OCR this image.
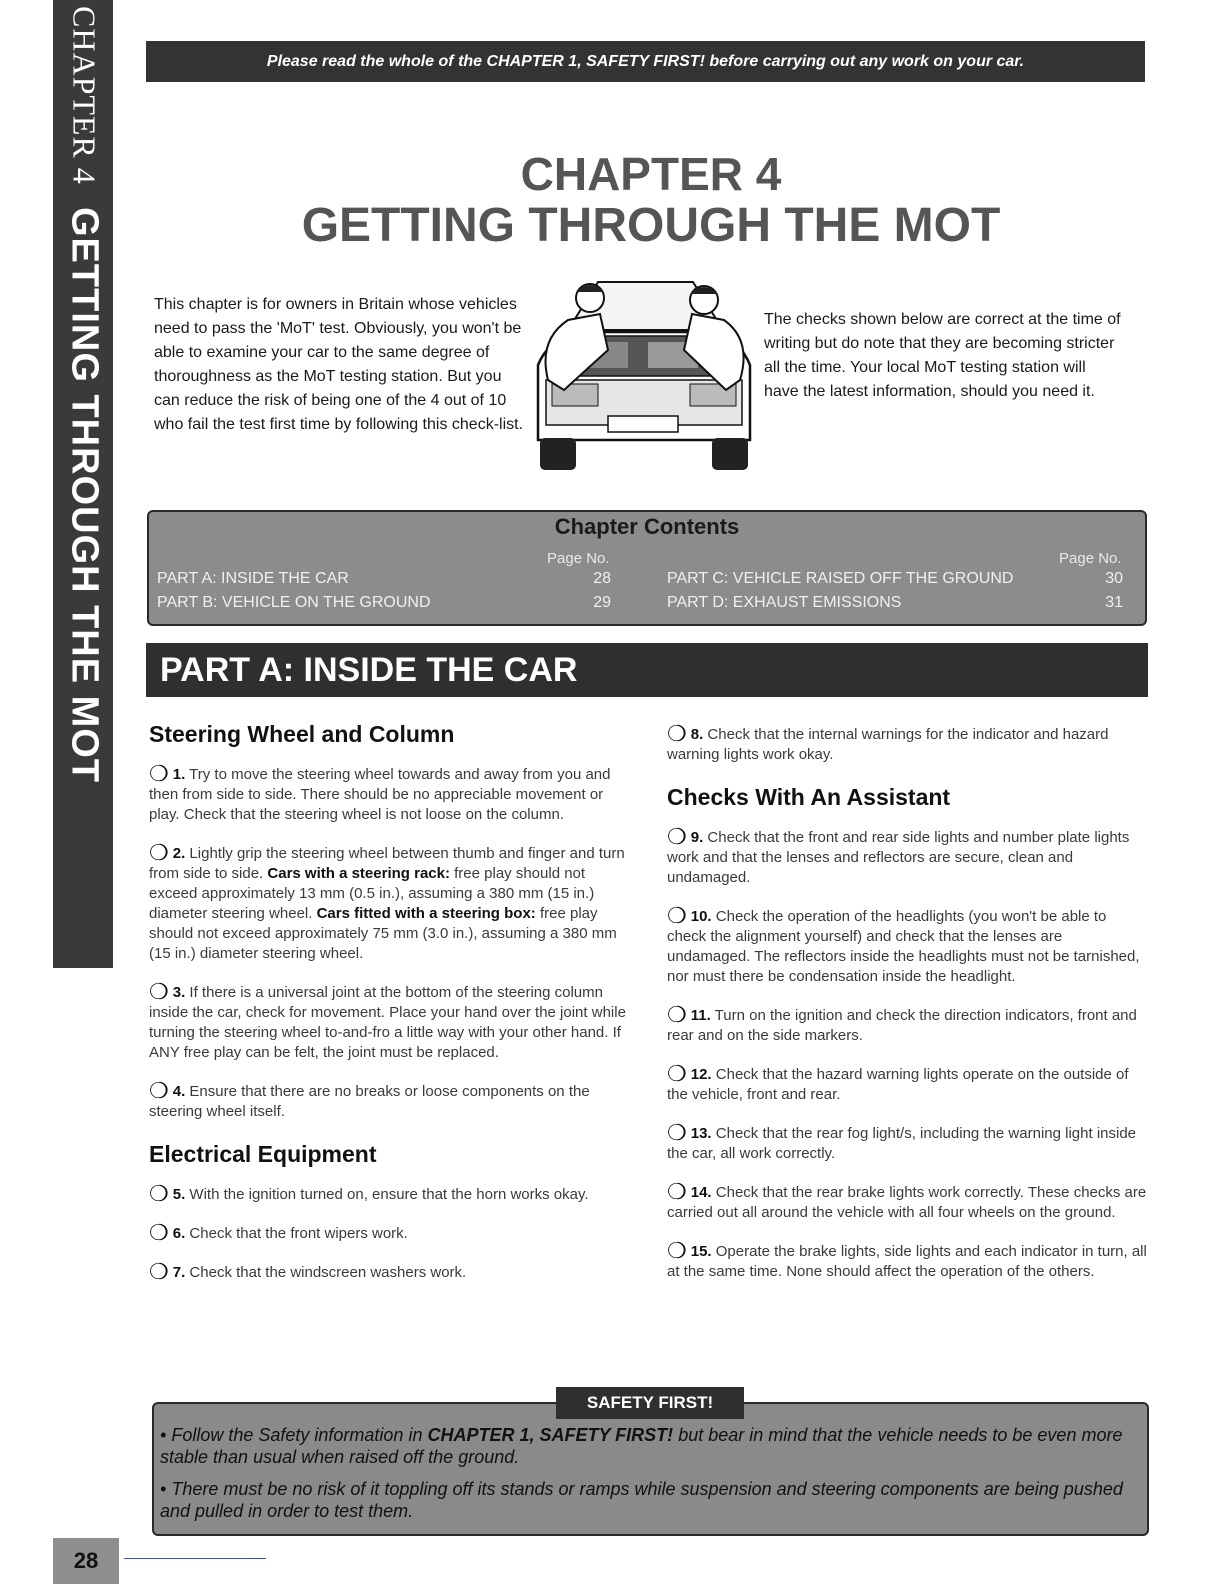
CHAPTER 4
GETTING THROUGH THE MOT
Please read the whole of the CHAPTER 1, SAFETY FIRST! before carrying out any work on your car.
CHAPTER 4
GETTING THROUGH THE MOT
This chapter is for owners in Britain whose vehicles need to pass the 'MoT' test. Obviously, you won't be able to examine your car to the same degree of thoroughness as the MoT testing station. But you can reduce the risk of being one of the 4 out of 10 who fail the test first time by following this check-list.
The checks shown below are correct at the time of writing but do note that they are becoming stricter all the time. Your local MoT testing station will have the latest information, should you need it.
Chapter Contents
Page No.	Page No.
PART A: INSIDE THE CAR	28
PART B: VEHICLE ON THE GROUND	29
PART C: VEHICLE RAISED OFF THE GROUND	30
PART D: EXHAUST EMISSIONS	31
PART A: INSIDE THE CAR
Steering Wheel and Column
❍ 1. Try to move the steering wheel towards and away from you and then from side to side. There should be no appreciable movement or play. Check that the steering wheel is not loose on the column.
❍ 2. Lightly grip the steering wheel between thumb and finger and turn from side to side. Cars with a steering rack: free play should not exceed approximately 13 mm (0.5 in.), assuming a 380 mm (15 in.) diameter steering wheel. Cars fitted with a steering box: free play should not exceed approximately 75 mm (3.0 in.), assuming a 380 mm (15 in.) diameter steering wheel.
❍ 3. If there is a universal joint at the bottom of the steering column inside the car, check for movement. Place your hand over the joint while turning the steering wheel to-and-fro a little way with your other hand. If ANY free play can be felt, the joint must be replaced.
❍ 4. Ensure that there are no breaks or loose components on the steering wheel itself.
Electrical Equipment
❍ 5. With the ignition turned on, ensure that the horn works okay.
❍ 6. Check that the front wipers work.
❍ 7. Check that the windscreen washers work.
❍ 8. Check that the internal warnings for the indicator and hazard warning lights work okay.
Checks With An Assistant
❍ 9. Check that the front and rear side lights and number plate lights work and that the lenses and reflectors are secure, clean and undamaged.
❍ 10. Check the operation of the headlights (you won't be able to check the alignment yourself) and check that the lenses are undamaged. The reflectors inside the headlights must not be tarnished, nor must there be condensation inside the headlight.
❍ 11. Turn on the ignition and check the direction indicators, front and rear and on the side markers.
❍ 12. Check that the hazard warning lights operate on the outside of the vehicle, front and rear.
❍ 13. Check that the rear fog light/s, including the warning light inside the car, all work correctly.
❍ 14. Check that the rear brake lights work correctly. These checks are carried out all around the vehicle with all four wheels on the ground.
❍ 15. Operate the brake lights, side lights and each indicator in turn, all at the same time. None should affect the operation of the others.
SAFETY FIRST!

• Follow the Safety information in CHAPTER 1, SAFETY FIRST! but bear in mind that the vehicle needs to be even more stable than usual when raised off the ground.

• There must be no risk of it toppling off its stands or ramps while suspension and steering components are being pushed and pulled in order to test them.

28
